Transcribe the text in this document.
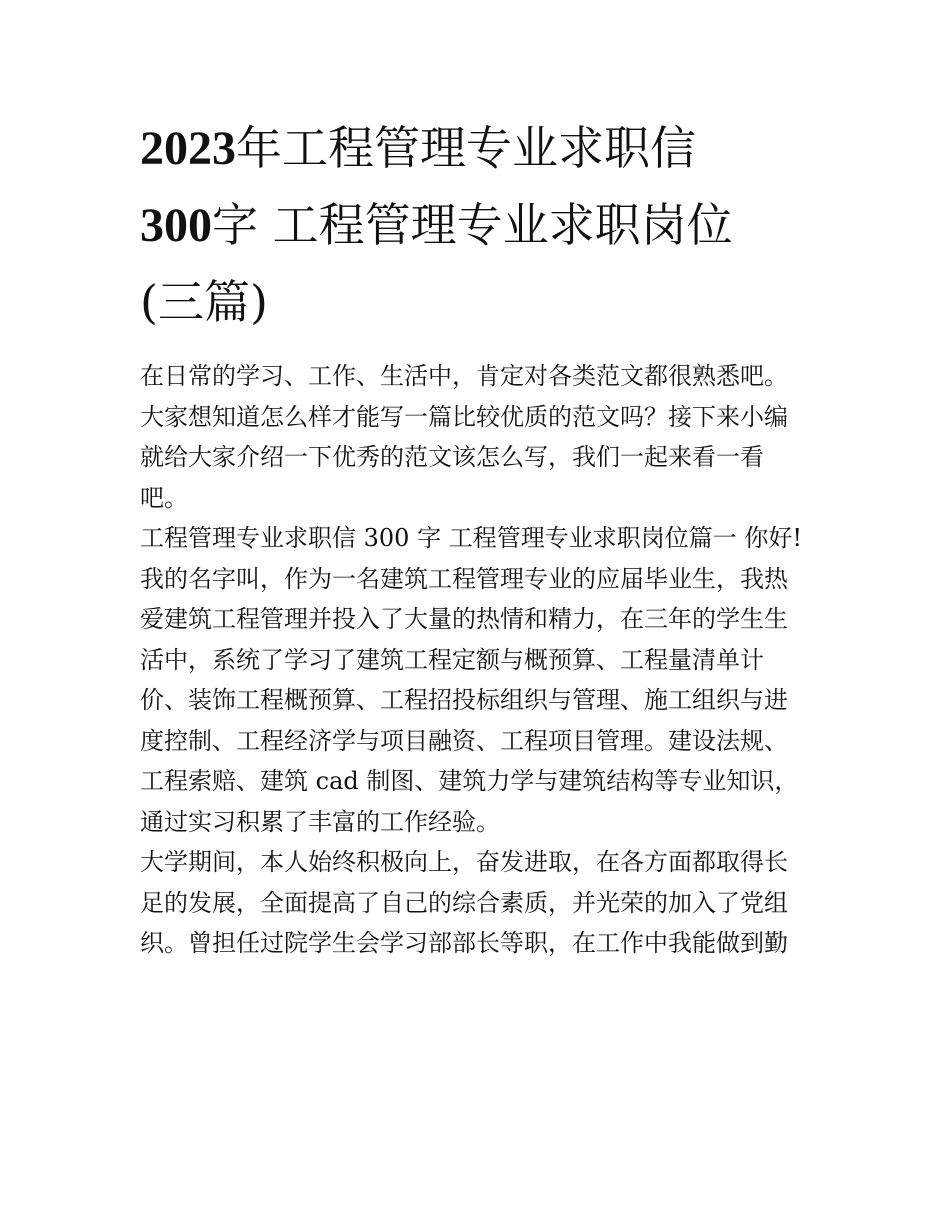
2023年工程管理专业求职信
300字 工程管理专业求职岗位
(三篇)

在日常的学习、工作、生活中，肯定对各类范文都很熟悉吧。
大家想知道怎么样才能写一篇比较优质的范文吗？接下来小编
就给大家介绍一下优秀的范文该怎么写，我们一起来看一看
吧。

工程管理专业求职信 300 字 工程管理专业求职岗位篇一 你好!
我的名字叫，作为一名建筑工程管理专业的应届毕业生，我热
爱建筑工程管理并投入了大量的热情和精力，在三年的学生生
活中，系统了学习了建筑工程定额与概预算、工程量清单计
价、装饰工程概预算、工程招投标组织与管理、施工组织与进
度控制、工程经济学与项目融资、工程项目管理。建设法规、
工程索赔、建筑 cad 制图、建筑力学与建筑结构等专业知识，
通过实习积累了丰富的工作经验。

大学期间，本人始终积极向上，奋发进取，在各方面都取得长
足的发展，全面提高了自己的综合素质，并光荣的加入了党组
织。曾担任过院学生会学习部部长等职，在工作中我能做到勤
